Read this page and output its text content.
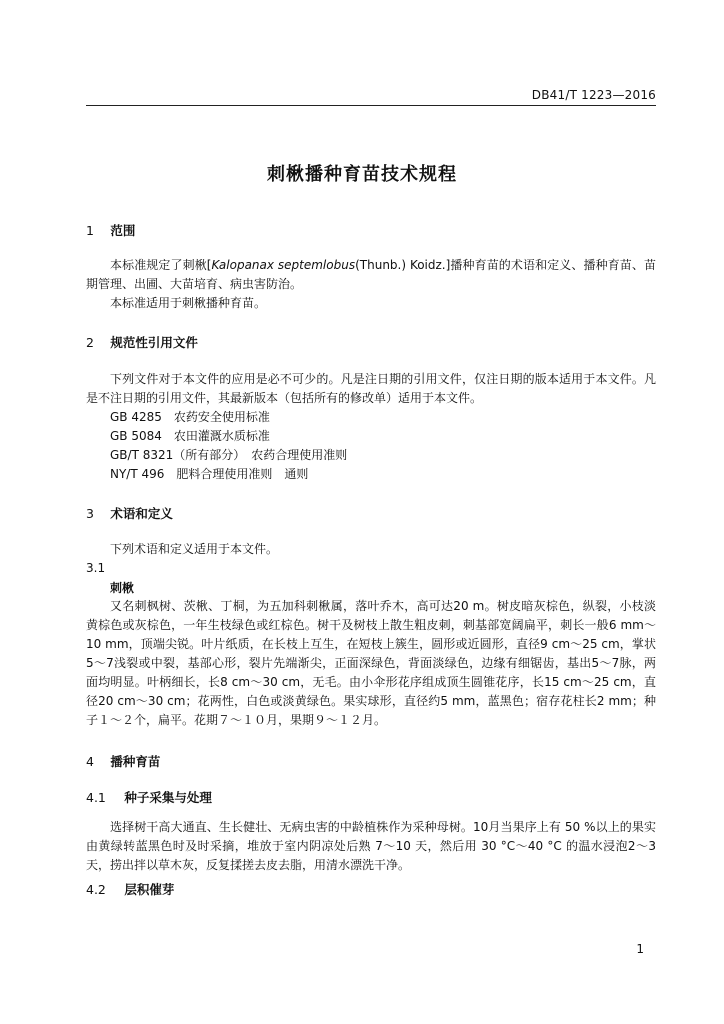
DB41/T 1223—2016
刺楸播种育苗技术规程
1 范围
本标准规定了刺楸[Kalopanax septemlobus(Thunb.) Koidz.]播种育苗的术语和定义、播种育苗、苗期管理、出圃、大苗培育、病虫害防治。
本标准适用于刺楸播种育苗。
2 规范性引用文件
下列文件对于本文件的应用是必不可少的。凡是注日期的引用文件，仅注日期的版本适用于本文件。凡是不注日期的引用文件，其最新版本（包括所有的修改单）适用于本文件。
GB 4285　农药安全使用标准
GB 5084　农田灌溉水质标准
GB/T 8321（所有部分）　农药合理使用准则
NY/T 496　肥料合理使用准则　通则
3 术语和定义
下列术语和定义适用于本文件。
3.1
刺楸
又名刺枫树、茨楸、丁桐，为五加科刺楸属，落叶乔木，高可达20 m。树皮暗灰棕色，纵裂，小枝淡黄棕色或灰棕色，一年生枝绿色或红棕色。树干及树枝上散生粗皮刺，刺基部宽阔扁平，刺长一般6 mm～10 mm，顶端尖锐。叶片纸质，在长枝上互生，在短枝上簇生，圆形或近圆形，直径9 cm～25 cm，掌状5～7浅裂或中裂，基部心形，裂片先端渐尖，正面深绿色，背面淡绿色，边缘有细锯齿，基出5～7脉，两面均明显。叶柄细长，长8 cm～30 cm，无毛。由小伞形花序组成顶生圆锥花序，长15 cm～25 cm，直径20 cm～30 cm；花两性，白色或淡黄绿色。果实球形，直径约5 mm，蓝黑色；宿存花柱长2 mm；种子１～２个，扁平。花期７～１０月，果期９～１２月。
4 播种育苗
4.1 种子采集与处理
选择树干高大通直、生长健壮、无病虫害的中龄植株作为采种母树。10月当果序上有 50 %以上的果实由黄绿转蓝黑色时及时采摘，堆放于室内阴凉处后熟 7～10 天，然后用 30 °C～40 °C 的温水浸泡2～3天，捞出拌以草木灰，反复揉搓去皮去脂，用清水漂洗干净。
4.2 层积催芽
1
